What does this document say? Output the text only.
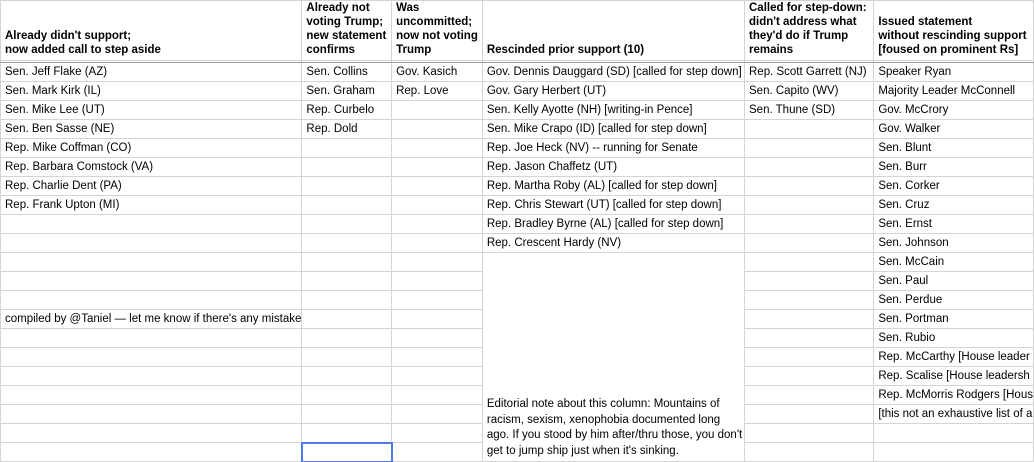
Already didn't support;
now added call to step aside	Already not voting Trump;
new statement confirms	Was uncommitted;
now not voting Trump	Rescinded prior support (10)	Called for step-down:
didn't address what
they'd do if Trump remains	Issued statement
without rescinding support
[foused on prominent Rs]

Sen. Jeff Flake (AZ)	Sen. Collins	Gov. Kasich	Gov. Dennis Dauggard (SD) [called for step down]	Rep. Scott Garrett (NJ)	Speaker Ryan
Sen. Mark Kirk (IL)	Sen. Graham	Rep. Love	Gov. Gary Herbert (UT)	Sen. Capito (WV)	Majority Leader McConnell
Sen. Mike Lee (UT)	Rep. Curbelo		Sen. Kelly Ayotte (NH) [writing-in Pence]	Sen. Thune (SD)	Gov. McCrory
Sen. Ben Sasse (NE)	Rep. Dold		Sen. Mike Crapo (ID) [called for step down]		Gov. Walker
Rep. Mike Coffman (CO)			Rep. Joe Heck (NV) -- running for Senate		Sen. Blunt
Rep. Barbara Comstock (VA)			Rep. Jason Chaffetz (UT)		Sen. Burr
Rep. Charlie Dent (PA)			Rep. Martha Roby (AL) [called for step down]		Sen. Corker
Rep. Frank Upton (MI)			Rep. Chris Stewart (UT) [called for step down]		Sen. Cruz
			Rep. Bradley Byrne (AL) [called for step down]		Sen. Ernst
			Rep. Crescent Hardy (NV)		Sen. Johnson
			Editorial note about this column: Mountains of racism, sexism, xenophobia documented long ago. If you stood by him after/thru those, you don't get to jump ship just when it's sinking.		Sen. McCain
					Sen. Paul
					Sen. Perdue
compiled by @Taniel — let me know if there's any mistake					Sen. Portman
					Sen. Rubio
					Rep. McCarthy [House leader
					Rep. Scalise [House leadersh
					Rep. McMorris Rodgers [Hous
					[this not an exhaustive list of a
